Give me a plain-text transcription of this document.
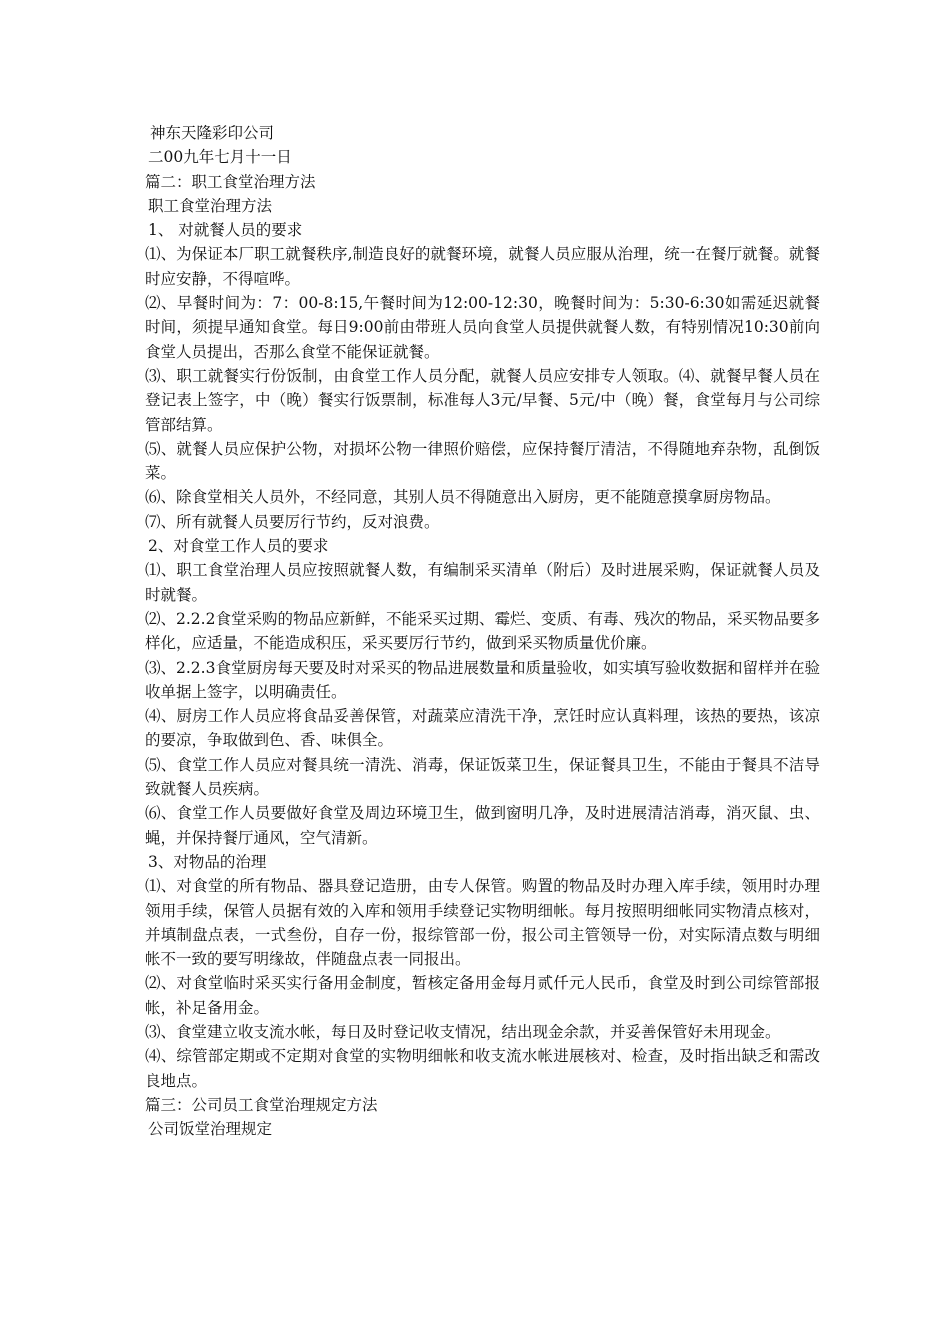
神东天隆彩印公司

二00九年七月十一日

篇二：职工食堂治理方法

职工食堂治理方法

1、 对就餐人员的要求

⑴、为保证本厂职工就餐秩序,制造良好的就餐环境，就餐人员应服从治理，统一在餐厅就餐。就餐时应安静，不得喧哗。

⑵、早餐时间为：7：00-8:15,午餐时间为12:00-12:30，晚餐时间为：5:30-6:30如需延迟就餐时间，须提早通知食堂。每日9:00前由带班人员向食堂人员提供就餐人数，有特别情况10:30前向食堂人员提出，否那么食堂不能保证就餐。

⑶、职工就餐实行份饭制，由食堂工作人员分配，就餐人员应安排专人领取。⑷、就餐早餐人员在登记表上签字，中（晚）餐实行饭票制，标准每人3元/早餐、5元/中（晚）餐，食堂每月与公司综管部结算。

⑸、就餐人员应保护公物，对损坏公物一律照价赔偿，应保持餐厅清洁，不得随地弃杂物，乱倒饭菜。

⑹、除食堂相关人员外，不经同意，其别人员不得随意出入厨房，更不能随意摸拿厨房物品。

⑺、所有就餐人员要厉行节约，反对浪费。

2、对食堂工作人员的要求

⑴、职工食堂治理人员应按照就餐人数，有编制采买清单（附后）及时进展采购，保证就餐人员及时就餐。

⑵、2.2.2食堂采购的物品应新鲜，不能采买过期、霉烂、变质、有毒、残次的物品，采买物品要多样化，应适量，不能造成积压，采买要厉行节约，做到采买物质量优价廉。

⑶、2.2.3食堂厨房每天要及时对采买的物品进展数量和质量验收，如实填写验收数据和留样并在验收单据上签字，以明确责任。

⑷、厨房工作人员应将食品妥善保管，对蔬菜应清洗干净，烹饪时应认真料理，该热的要热，该凉的要凉，争取做到色、香、味俱全。

⑸、食堂工作人员应对餐具统一清洗、消毒，保证饭菜卫生，保证餐具卫生，不能由于餐具不洁导致就餐人员疾病。

⑹、食堂工作人员要做好食堂及周边环境卫生，做到窗明几净，及时进展清洁消毒，消灭鼠、虫、蝇，并保持餐厅通风，空气清新。

3、对物品的治理

⑴、对食堂的所有物品、器具登记造册，由专人保管。购置的物品及时办理入库手续，领用时办理领用手续，保管人员据有效的入库和领用手续登记实物明细帐。每月按照明细帐同实物清点核对，并填制盘点表，一式叁份，自存一份，报综管部一份，报公司主管领导一份，对实际清点数与明细帐不一致的要写明缘故，伴随盘点表一同报出。

⑵、对食堂临时采买实行备用金制度，暂核定备用金每月贰仟元人民币，食堂及时到公司综管部报帐，补足备用金。

⑶、食堂建立收支流水帐，每日及时登记收支情况，结出现金余款，并妥善保管好未用现金。

⑷、综管部定期或不定期对食堂的实物明细帐和收支流水帐进展核对、检查，及时指出缺乏和需改良地点。

篇三：公司员工食堂治理规定方法

公司饭堂治理规定
